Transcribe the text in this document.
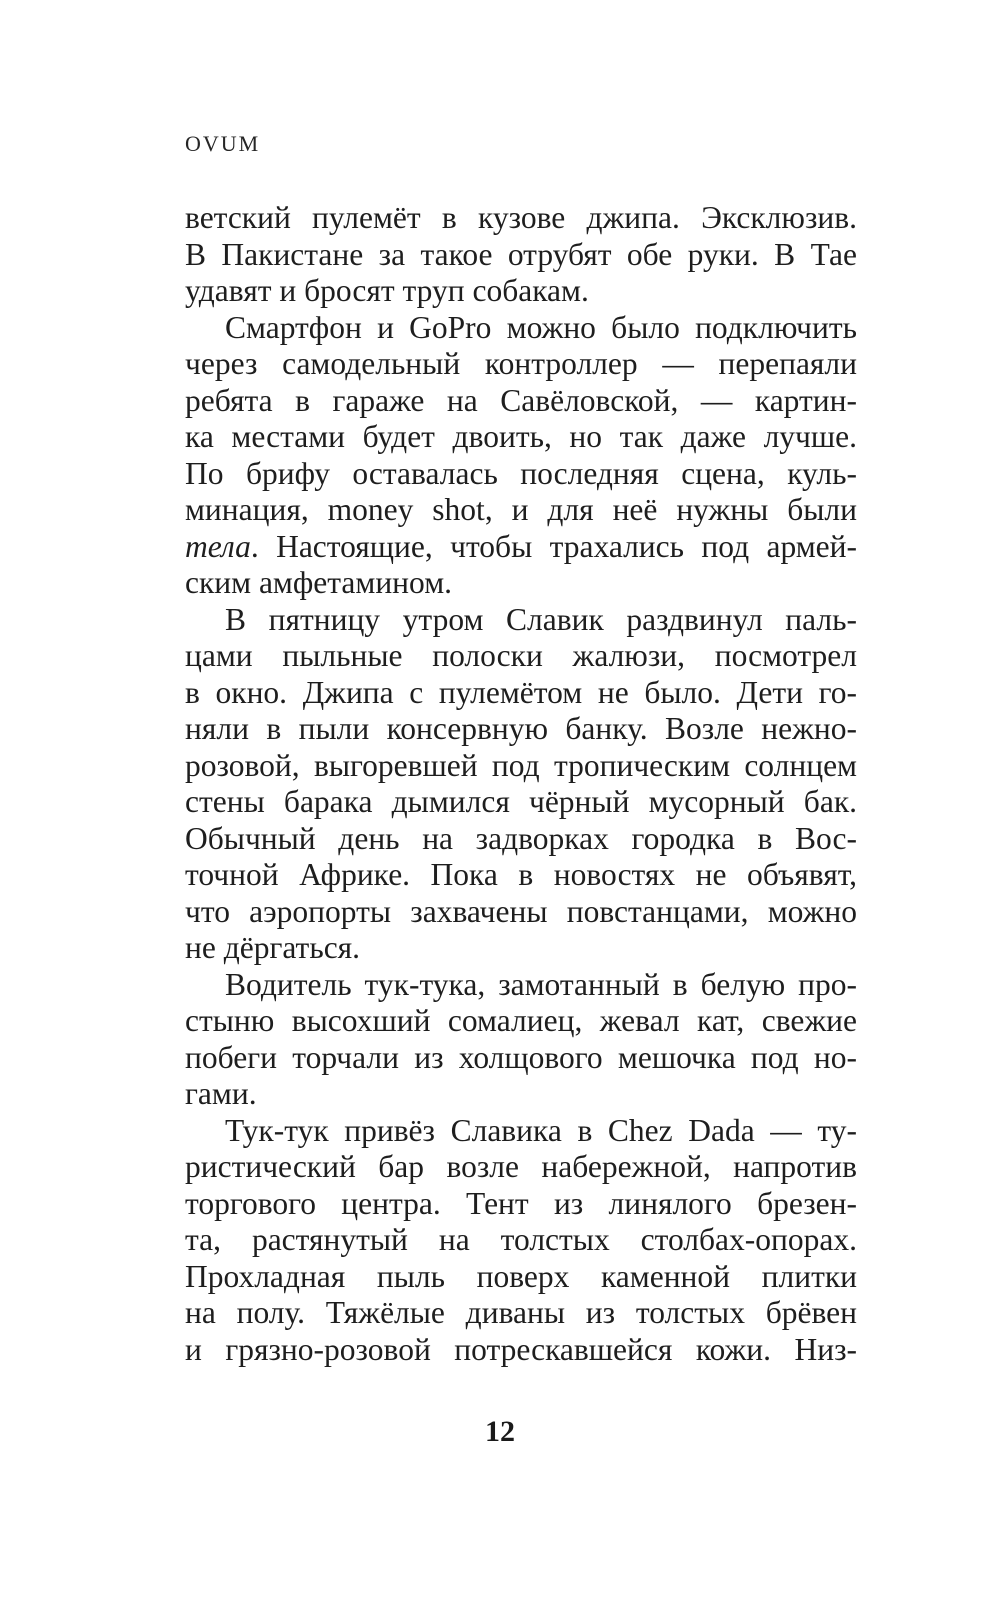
OVUM
ветский пулемёт в кузове джипа. Эксклюзив.
В Пакистане за такое отрубят обе руки. В Тае
удавят и бросят труп собакам.
Смартфон и GoPro можно было подключить
через самодельный контроллер — перепаяли
ребята в гараже на Савёловской, — картин-
ка местами будет двоить, но так даже лучше.
По брифу оставалась последняя сцена, куль-
минация, money shot, и для неё нужны были
тела. Настоящие, чтобы трахались под армей-
ским амфетамином.
В пятницу утром Славик раздвинул паль-
цами пыльные полоски жалюзи, посмотрел
в окно. Джипа с пулемётом не было. Дети го-
няли в пыли консервную банку. Возле нежно-
розовой, выгоревшей под тропическим солнцем
стены барака дымился чёрный мусорный бак.
Обычный день на задворках городка в Вос-
точной Африке. Пока в новостях не объявят,
что аэропорты захвачены повстанцами, можно
не дёргаться.
Водитель тук-тука, замотанный в белую про-
стыню высохший сомалиец, жевал кат, свежие
побеги торчали из холщового мешочка под но-
гами.
Тук-тук привёз Славика в Chez Dada — ту-
ристический бар возле набережной, напротив
торгового центра. Тент из линялого брезен-
та, растянутый на толстых столбах-опорах.
Прохладная пыль поверх каменной плитки
на полу. Тяжёлые диваны из толстых брёвен
и грязно-розовой потрескавшейся кожи. Низ-
12
